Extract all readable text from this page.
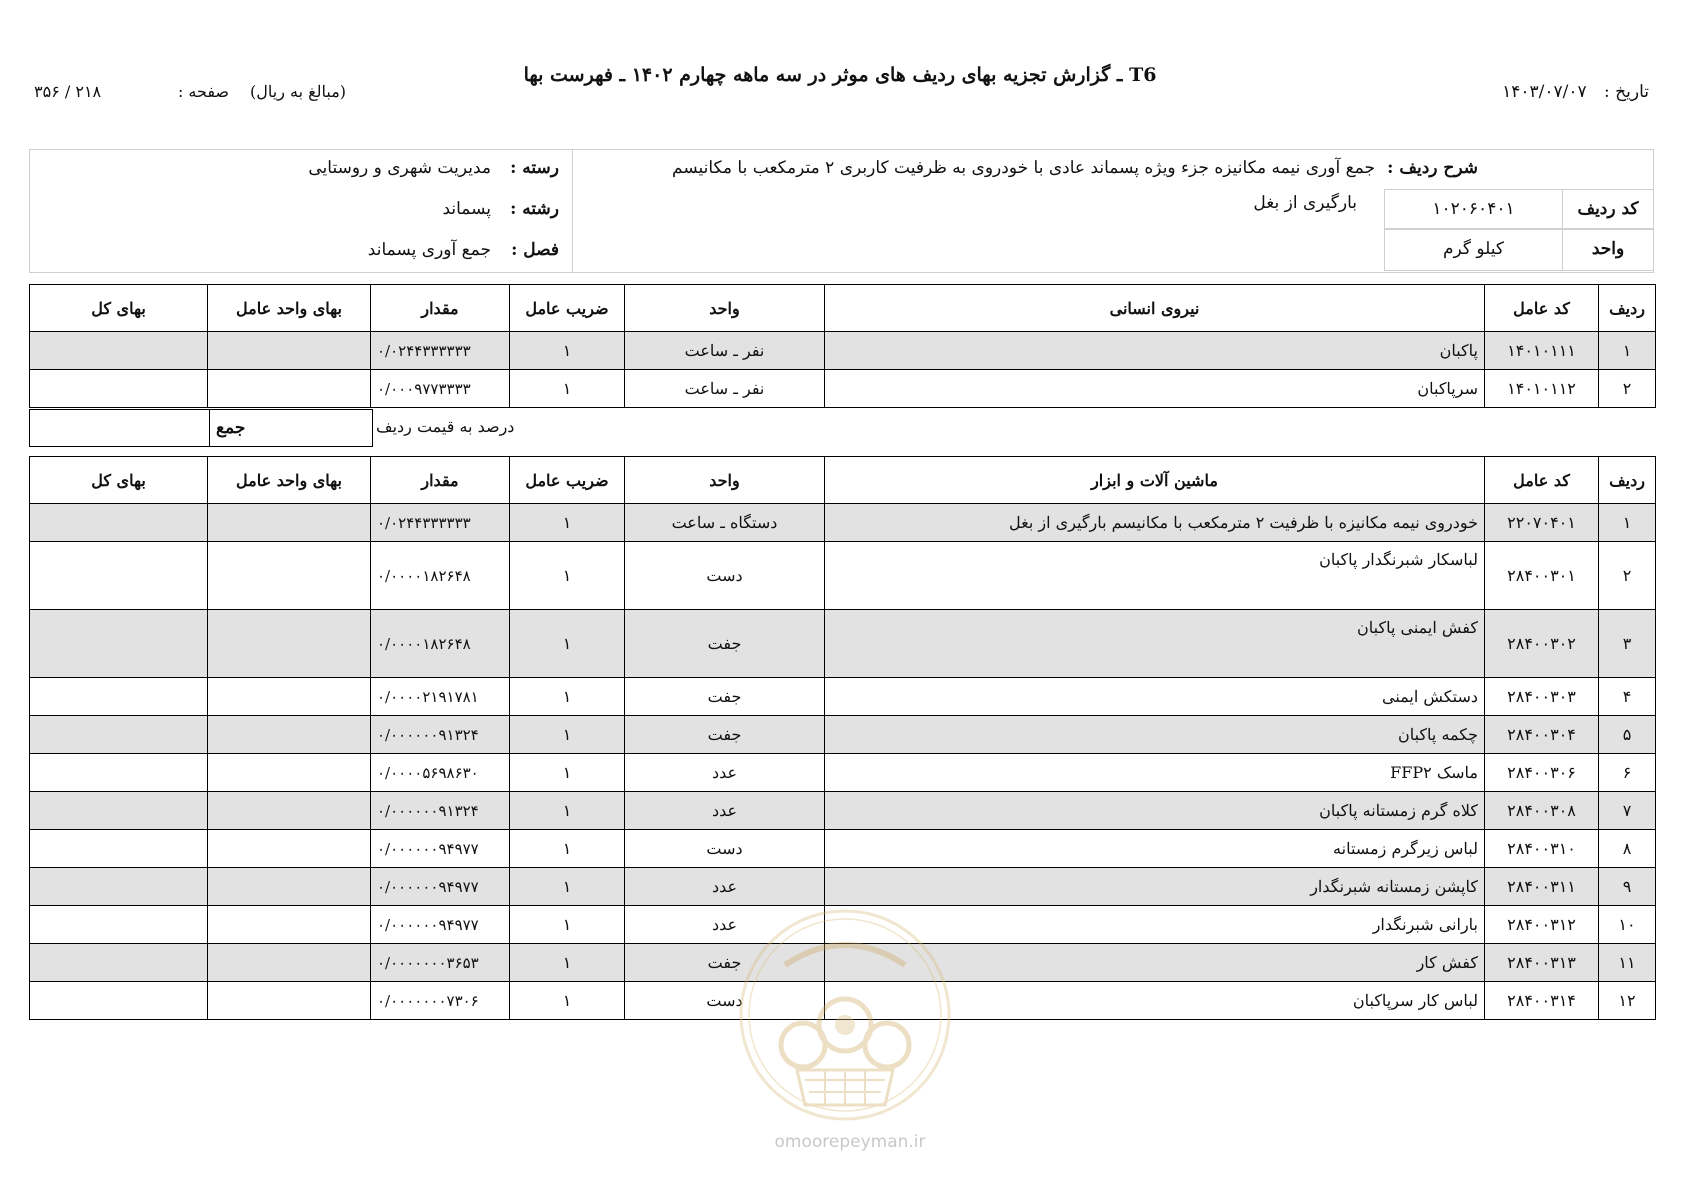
T6 ـ گزارش تجزیه بهای ردیف های موثر در سه ماهه چهارم ۱۴۰۲ ـ فهرست بها
تاریخ : ۱۴۰۳/۰۷/۰۷
(مبالغ به ریال)
صفحه :
۲۱۸ / ۳۵۶
رسته :
مدیریت شهری و روستایی
رشته :
پسماند
فصل :
جمع آوری پسماند
شرح ردیف :
جمع آوری نیمه مکانیزه جزء ویژه پسماند عادی با خودروی به ظرفیت کاربری ۲ مترمکعب با مکانیسم
بارگیری از بغل	کد ردیف
۱۰۲۰۶۰۴۰۱
واحد
کیلو گرم
ردیف	کد عامل	نیروی انسانی	واحد	ضریب عامل	مقدار	بهای واحد عامل	بهای کل
۱	۱۴۰۱۰۱۱۱	پاکبان	نفر ـ ساعت	۱	۰/۰۲۴۴۳۳۳۳۳۳		
۲	۱۴۰۱۰۱۱۲	سرپاکبان	نفر ـ ساعت	۱	۰/۰۰۰۹۷۷۳۳۳۳		
جمع	درصد به قیمت ردیف
ردیف	کد عامل	ماشین آلات و ابزار	واحد	ضریب عامل	مقدار	بهای واحد عامل	بهای کل
۱	۲۲۰۷۰۴۰۱	خودروی نیمه مکانیزه با ظرفیت ۲ مترمکعب با مکانیسم بارگیری از بغل	دستگاه ـ ساعت	۱	۰/۰۲۴۴۳۳۳۳۳۳		
۲	۲۸۴۰۰۳۰۱	لباسکار شبرنگدار پاکبان	دست	۱	۰/۰۰۰۰۱۸۲۶۴۸		
۳	۲۸۴۰۰۳۰۲	کفش ایمنی پاکبان	جفت	۱	۰/۰۰۰۰۱۸۲۶۴۸		
۴	۲۸۴۰۰۳۰۳	دستکش ایمنی	جفت	۱	۰/۰۰۰۰۲۱۹۱۷۸۱		
۵	۲۸۴۰۰۳۰۴	چکمه پاکبان	جفت	۱	۰/۰۰۰۰۰۰۹۱۳۲۴		
۶	۲۸۴۰۰۳۰۶	ماسک FFP۲	عدد	۱	۰/۰۰۰۰۵۶۹۸۶۳۰		
۷	۲۸۴۰۰۳۰۸	کلاه گرم زمستانه پاکبان	عدد	۱	۰/۰۰۰۰۰۰۹۱۳۲۴		
۸	۲۸۴۰۰۳۱۰	لباس زیرگرم زمستانه	دست	۱	۰/۰۰۰۰۰۰۹۴۹۷۷		
۹	۲۸۴۰۰۳۱۱	کاپشن زمستانه شبرنگدار	عدد	۱	۰/۰۰۰۰۰۰۹۴۹۷۷		
۱۰	۲۸۴۰۰۳۱۲	بارانی شبرنگدار	عدد	۱	۰/۰۰۰۰۰۰۹۴۹۷۷		
۱۱	۲۸۴۰۰۳۱۳	کفش کار	جفت	۱	۰/۰۰۰۰۰۰۰۳۶۵۳		
۱۲	۲۸۴۰۰۳۱۴	لباس کار سرپاکبان	دست	۱	۰/۰۰۰۰۰۰۰۷۳۰۶		
omoorepeyman.ir
